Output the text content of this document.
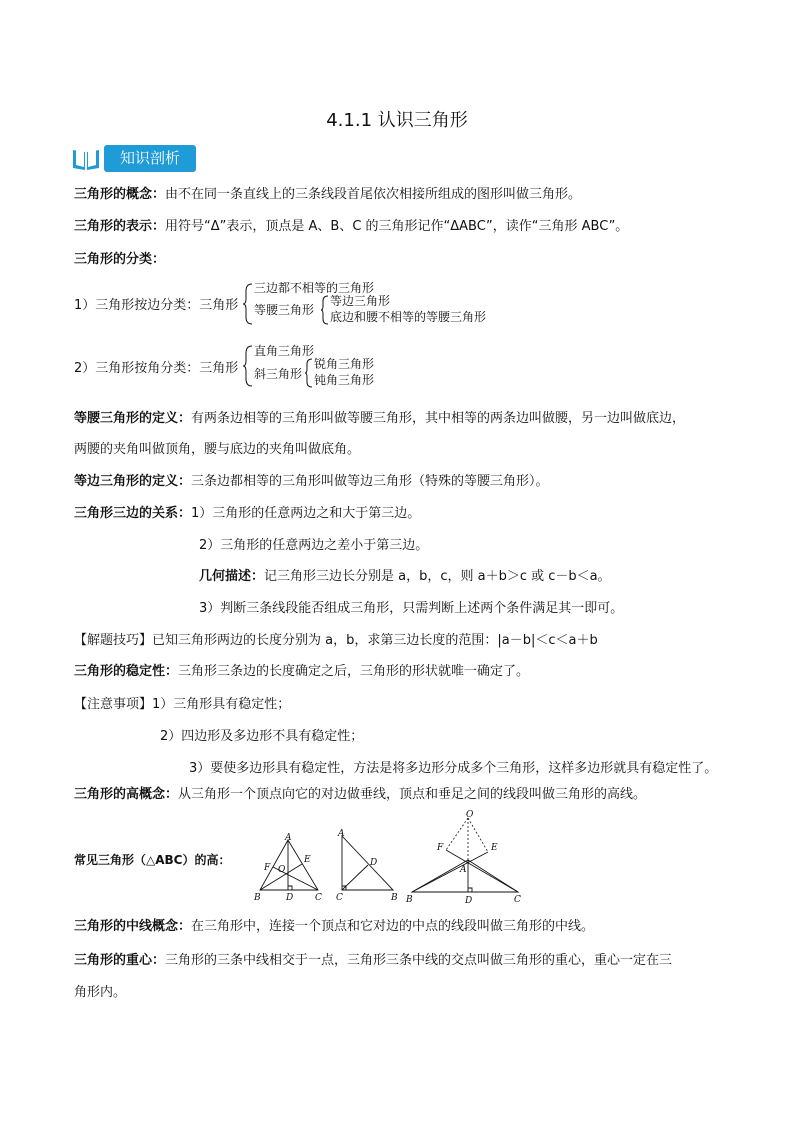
4.1.1 认识三角形
知识剖析
三角形的概念：由不在同一条直线上的三条线段首尾依次相接所组成的图形叫做三角形。
三角形的表示：用符号“Δ”表示，顶点是 A、B、C 的三角形记作“ΔABC”，读作“三角形 ABC”。
三角形的分类：
1）三角形按边分类：三角形
三边都不相等的三角形
等腰三角形
等边三角形
底边和腰不相等的等腰三角形
2）三角形按角分类：三角形
直角三角形
斜三角形
锐角三角形
钝角三角形
等腰三角形的定义：有两条边相等的三角形叫做等腰三角形，其中相等的两条边叫做腰，另一边叫做底边，
两腰的夹角叫做顶角，腰与底边的夹角叫做底角。
等边三角形的定义：三条边都相等的三角形叫做等边三角形（特殊的等腰三角形）。
三角形三边的关系：1）三角形的任意两边之和大于第三边。
2）三角形的任意两边之差小于第三边。
几何描述：记三角形三边长分别是 a，b，c，则 a＋b＞c 或 c－b＜a。
3）判断三条线段能否组成三角形，只需判断上述两个条件满足其一即可。
【解题技巧】已知三角形两边的长度分别为 a，b，求第三边长度的范围：|a－b|＜c＜a＋b
三角形的稳定性：三角形三条边的长度确定之后，三角形的形状就唯一确定了。
【注意事项】1）三角形具有稳定性；
2）四边形及多边形不具有稳定性；
3）要使多边形具有稳定性，方法是将多边形分成多个三角形，这样多边形就具有稳定性了。
三角形的高概念：从三角形一个顶点向它的对边做垂线，顶点和垂足之间的线段叫做三角形的高线。
常见三角形（△ABC）的高：
A
B	C
D
E
F O
A
C	B
D
O
A
B	C
D
E
F
三角形的中线概念：在三角形中，连接一个顶点和它对边的中点的线段叫做三角形的中线。
三角形的重心：三角形的三条中线相交于一点，三角形三条中线的交点叫做三角形的重心，重心一定在三
角形内。
